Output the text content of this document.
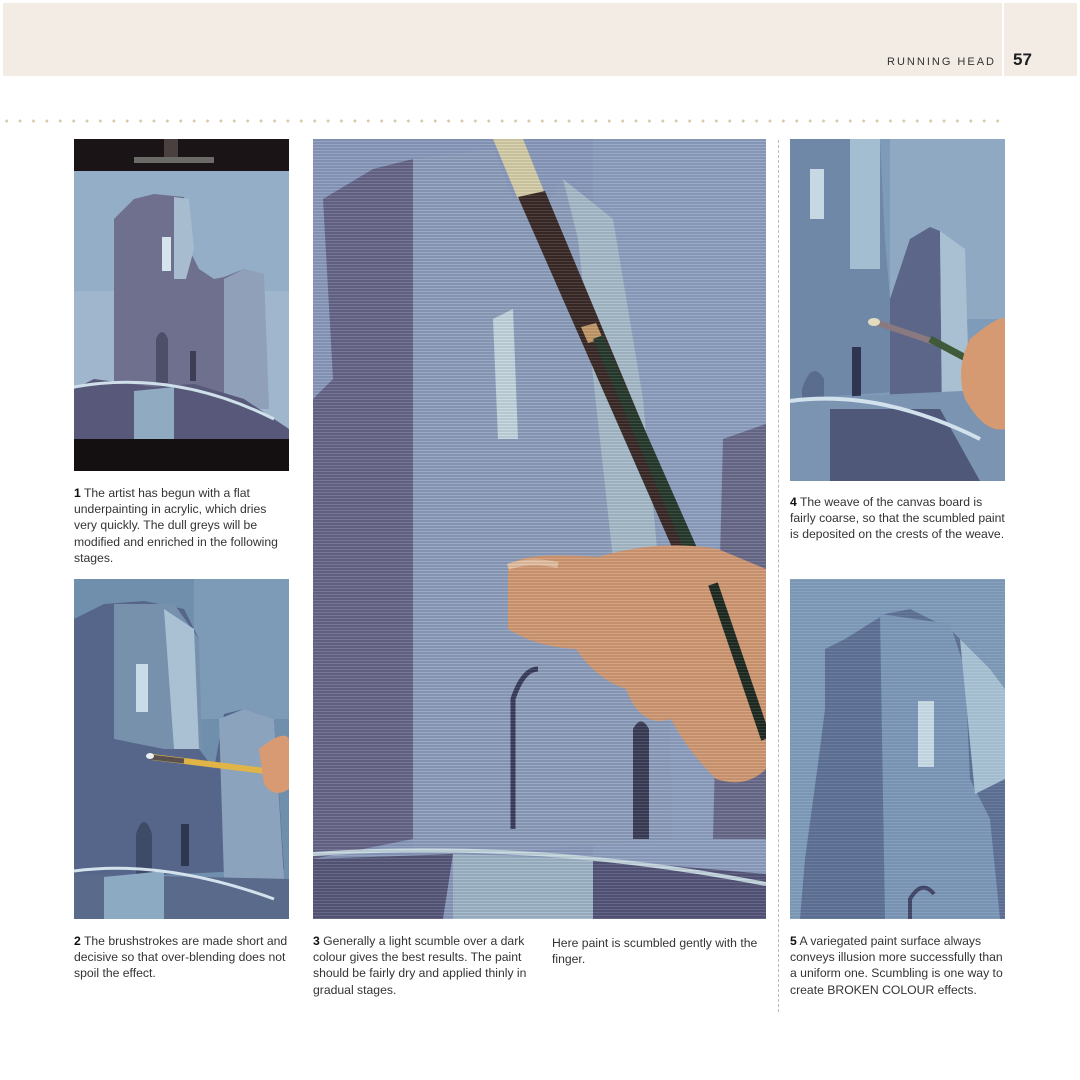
RUNNING HEAD 57
1 The artist has begun with a flat underpainting in acrylic, which dries very quickly. The dull greys will be modified and enriched in the following stages.
2 The brushstrokes are made short and decisive so that over-blending does not spoil the effect.
3 Generally a light scumble over a dark colour gives the best results. The paint should be fairly dry and applied thinly in gradual stages.
Here paint is scumbled gently with the finger.
4 The weave of the canvas board is fairly coarse, so that the scumbled paint is deposited on the crests of the weave.
5 A variegated paint surface always conveys illusion more successfully than a uniform one. Scumbling is one way to create BROKEN COLOUR effects.
